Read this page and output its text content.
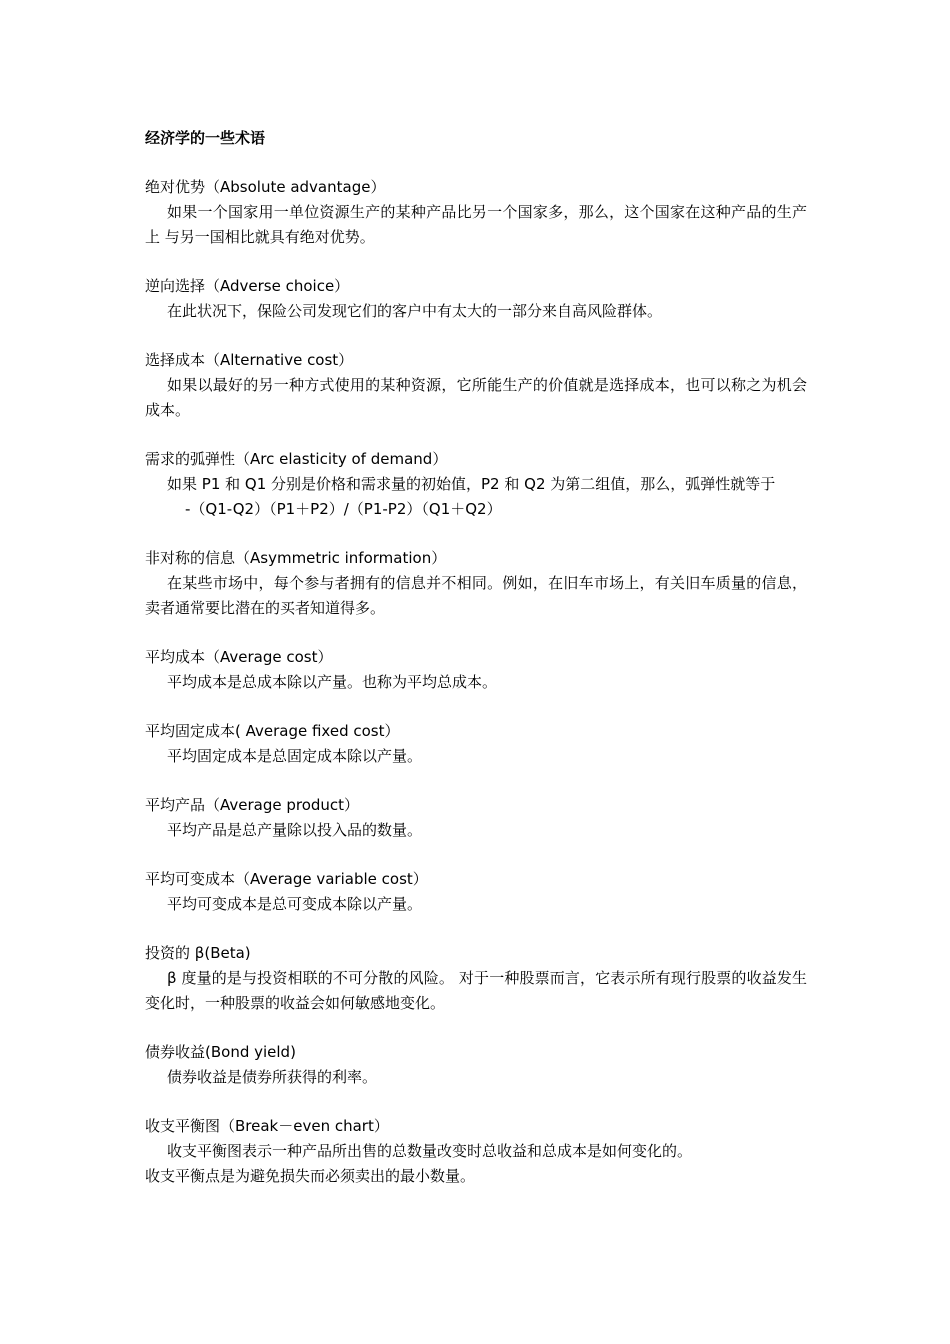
经济学的一些术语

绝对优势（Absolute advantage）

如果一个国家用一单位资源生产的某种产品比另一个国家多，那么，这个国家在这种产品的生产上 与另一国相比就具有绝对优势。

逆向选择（Adverse choice）

在此状况下，保险公司发现它们的客户中有太大的一部分来自高风险群体。

选择成本（Alternative cost）

如果以最好的另一种方式使用的某种资源，它所能生产的价值就是选择成本，也可以称之为机会成本。

需求的弧弹性（Arc elasticity of demand）

如果 P1 和 Q1 分别是价格和需求量的初始值，P2 和 Q2 为第二组值，那么，弧弹性就等于

-（Q1-Q2）（P1＋P2）/（P1-P2）（Q1＋Q2）

非对称的信息（Asymmetric information）

在某些市场中，每个参与者拥有的信息并不相同。例如，在旧车市场上，有关旧车质量的信息， 卖者通常要比潜在的买者知道得多。

平均成本（Average cost）

平均成本是总成本除以产量。也称为平均总成本。

平均固定成本( Average fixed cost）

平均固定成本是总固定成本除以产量。

平均产品（Average product）

平均产品是总产量除以投入品的数量。

平均可变成本（Average variable cost）

平均可变成本是总可变成本除以产量。

投资的 β(Beta)

β 度量的是与投资相联的不可分散的风险。 对于一种股票而言，它表示所有现行股票的收益发生变化时，一种股票的收益会如何敏感地变化。

债券收益(Bond yield)

债券收益是债券所获得的利率。

收支平衡图（Break－even chart）

收支平衡图表示一种产品所出售的总数量改变时总收益和总成本是如何变化的。

收支平衡点是为避免损失而必须卖出的最小数量。
